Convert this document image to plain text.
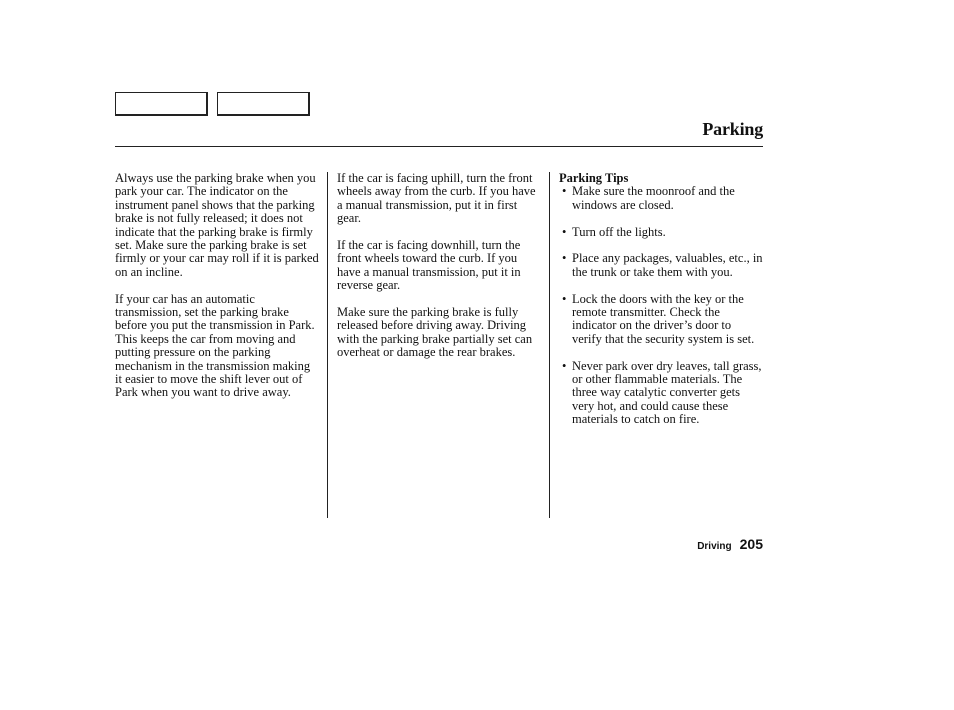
Parking

Always use the parking brake when you park your car. The indicator on the instrument panel shows that the parking brake is not fully released; it does not indicate that the parking brake is firmly set. Make sure the parking brake is set firmly or your car may roll if it is parked on an incline.

If your car has an automatic transmission, set the parking brake before you put the transmission in Park. This keeps the car from moving and putting pressure on the parking mechanism in the transmission making it easier to move the shift lever out of Park when you want to drive away.

If the car is facing uphill, turn the front wheels away from the curb. If you have a manual transmission, put it in first gear.

If the car is facing downhill, turn the front wheels toward the curb. If you have a manual transmission, put it in reverse gear.

Make sure the parking brake is fully released before driving away. Driving with the parking brake partially set can overheat or damage the rear brakes.

Parking Tips
• Make sure the moonroof and the windows are closed.
• Turn off the lights.
• Place any packages, valuables, etc., in the trunk or take them with you.
• Lock the doors with the key or the remote transmitter. Check the indicator on the driver’s door to verify that the security system is set.
• Never park over dry leaves, tall grass, or other flammable materials. The three way catalytic converter gets very hot, and could cause these materials to catch on fire.
Driving 205
